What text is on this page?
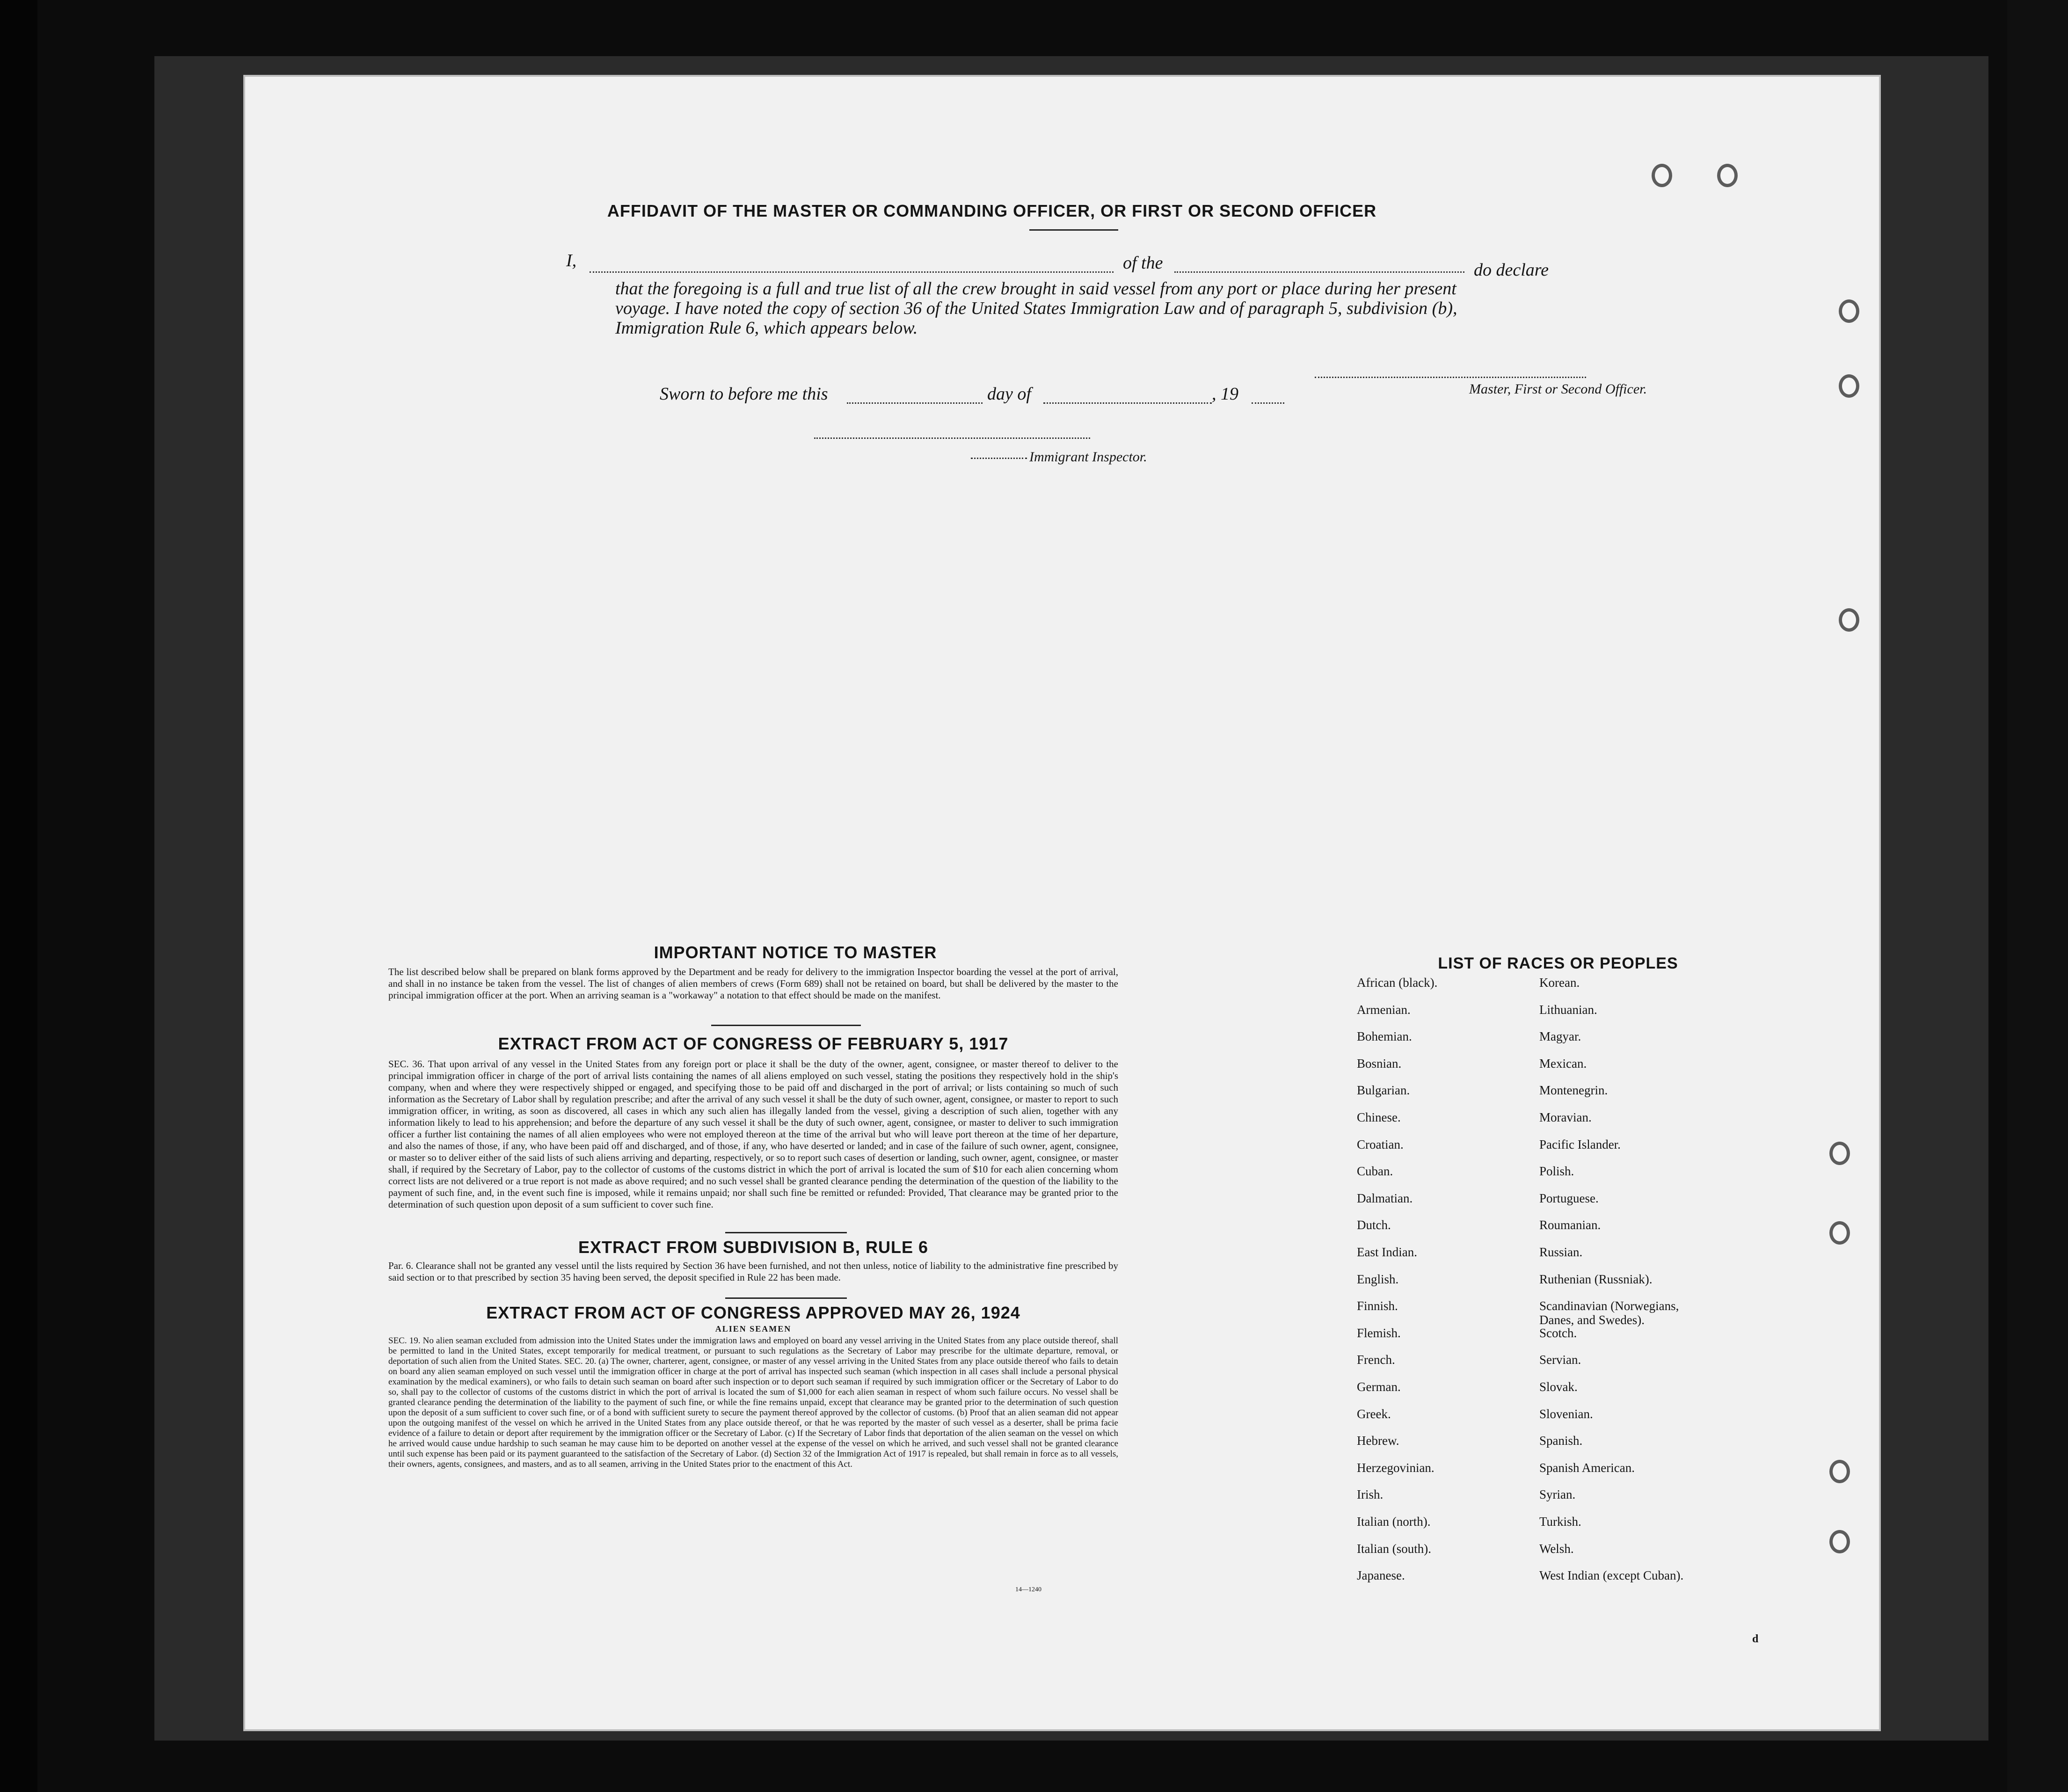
AFFIDAVIT OF THE MASTER OR COMMANDING OFFICER, OR FIRST OR SECOND OFFICER
I,	of the	do declare
that the foregoing is a full and true list of all the crew brought in said vessel from any port or place during her present
voyage. I have noted the copy of section 36 of the United States Immigration Law and of paragraph 5, subdivision (b),
Immigration Rule 6, which appears below.
Master, First or Second Officer.
Sworn to before me this	day of	, 19
Immigrant Inspector.
IMPORTANT NOTICE TO MASTER
The list described below shall be prepared on blank forms approved by the Department and be ready for delivery to the immigration Inspector boarding the vessel at the port of arrival, and shall in no instance be taken from the vessel. The list of changes of alien members of crews (Form 689) shall not be retained on board, but shall be delivered by the master to the principal immigration officer at the port. When an arriving seaman is a "workaway" a notation to that effect should be made on the manifest.
EXTRACT FROM ACT OF CONGRESS OF FEBRUARY 5, 1917
SEC. 36. That upon arrival of any vessel in the United States from any foreign port or place it shall be the duty of the owner, agent, consignee, or master thereof to deliver to the principal immigration officer in charge of the port of arrival lists containing the names of all aliens employed on such vessel, stating the positions they respectively hold in the ship's company, when and where they were respectively shipped or engaged, and specifying those to be paid off and discharged in the port of arrival; or lists containing so much of such information as the Secretary of Labor shall by regulation prescribe; and after the arrival of any such vessel it shall be the duty of such owner, agent, consignee, or master to report to such immigration officer, in writing, as soon as discovered, all cases in which any such alien has illegally landed from the vessel, giving a description of such alien, together with any information likely to lead to his apprehension; and before the departure of any such vessel it shall be the duty of such owner, agent, consignee, or master to deliver to such immigration officer a further list containing the names of all alien employees who were not employed thereon at the time of the arrival but who will leave port thereon at the time of her departure, and also the names of those, if any, who have been paid off and discharged, and of those, if any, who have deserted or landed; and in case of the failure of such owner, agent, consignee, or master so to deliver either of the said lists of such aliens arriving and departing, respectively, or so to report such cases of desertion or landing, such owner, agent, consignee, or master shall, if required by the Secretary of Labor, pay to the collector of customs of the customs district in which the port of arrival is located the sum of $10 for each alien concerning whom correct lists are not delivered or a true report is not made as above required; and no such vessel shall be granted clearance pending the determination of the question of the liability to the payment of such fine, and, in the event such fine is imposed, while it remains unpaid; nor shall such fine be remitted or refunded: Provided, That clearance may be granted prior to the determination of such question upon deposit of a sum sufficient to cover such fine.
EXTRACT FROM SUBDIVISION B, RULE 6
Par. 6. Clearance shall not be granted any vessel until the lists required by Section 36 have been furnished, and not then unless, notice of liability to the administrative fine prescribed by said section or to that prescribed by section 35 having been served, the deposit specified in Rule 22 has been made.
EXTRACT FROM ACT OF CONGRESS APPROVED MAY 26, 1924
ALIEN SEAMEN
SEC. 19. No alien seaman excluded from admission into the United States under the immigration laws and employed on board any vessel arriving in the United States from any place outside thereof, shall be permitted to land in the United States, except temporarily for medical treatment, or pursuant to such regulations as the Secretary of Labor may prescribe for the ultimate departure, removal, or deportation of such alien from the United States. SEC. 20. (a) The owner, charterer, agent, consignee, or master of any vessel arriving in the United States from any place outside thereof who fails to detain on board any alien seaman employed on such vessel until the immigration officer in charge at the port of arrival has inspected such seaman (which inspection in all cases shall include a personal physical examination by the medical examiners), or who fails to detain such seaman on board after such inspection or to deport such seaman if required by such immigration officer or the Secretary of Labor to do so, shall pay to the collector of customs of the customs district in which the port of arrival is located the sum of $1,000 for each alien seaman in respect of whom such failure occurs. No vessel shall be granted clearance pending the determination of the liability to the payment of such fine, or while the fine remains unpaid, except that clearance may be granted prior to the determination of such question upon the deposit of a sum sufficient to cover such fine, or of a bond with sufficient surety to secure the payment thereof approved by the collector of customs. (b) Proof that an alien seaman did not appear upon the outgoing manifest of the vessel on which he arrived in the United States from any place outside thereof, or that he was reported by the master of such vessel as a deserter, shall be prima facie evidence of a failure to detain or deport after requirement by the immigration officer or the Secretary of Labor. (c) If the Secretary of Labor finds that deportation of the alien seaman on the vessel on which he arrived would cause undue hardship to such seaman he may cause him to be deported on another vessel at the expense of the vessel on which he arrived, and such vessel shall not be granted clearance until such expense has been paid or its payment guaranteed to the satisfaction of the Secretary of Labor. (d) Section 32 of the Immigration Act of 1917 is repealed, but shall remain in force as to all vessels, their owners, agents, consignees, and masters, and as to all seamen, arriving in the United States prior to the enactment of this Act.
14—1240
LIST OF RACES OR PEOPLES
African (black).
Armenian.
Bohemian.
Bosnian.
Bulgarian.
Chinese.
Croatian.
Cuban.
Dalmatian.
Dutch.
East Indian.
English.
Finnish.
Flemish.
French.
German.
Greek.
Hebrew.
Herzegovinian.
Irish.
Italian (north).
Italian (south).
Japanese.
Korean.
Lithuanian.
Magyar.
Mexican.
Montenegrin.
Moravian.
Pacific Islander.
Polish.
Portuguese.
Roumanian.
Russian.
Ruthenian (Russniak).
Scandinavian (Norwegians,
Danes, and Swedes).
Scotch.
Servian.
Slovak.
Slovenian.
Spanish.
Spanish American.
Syrian.
Turkish.
Welsh.
West Indian (except Cuban).
d
